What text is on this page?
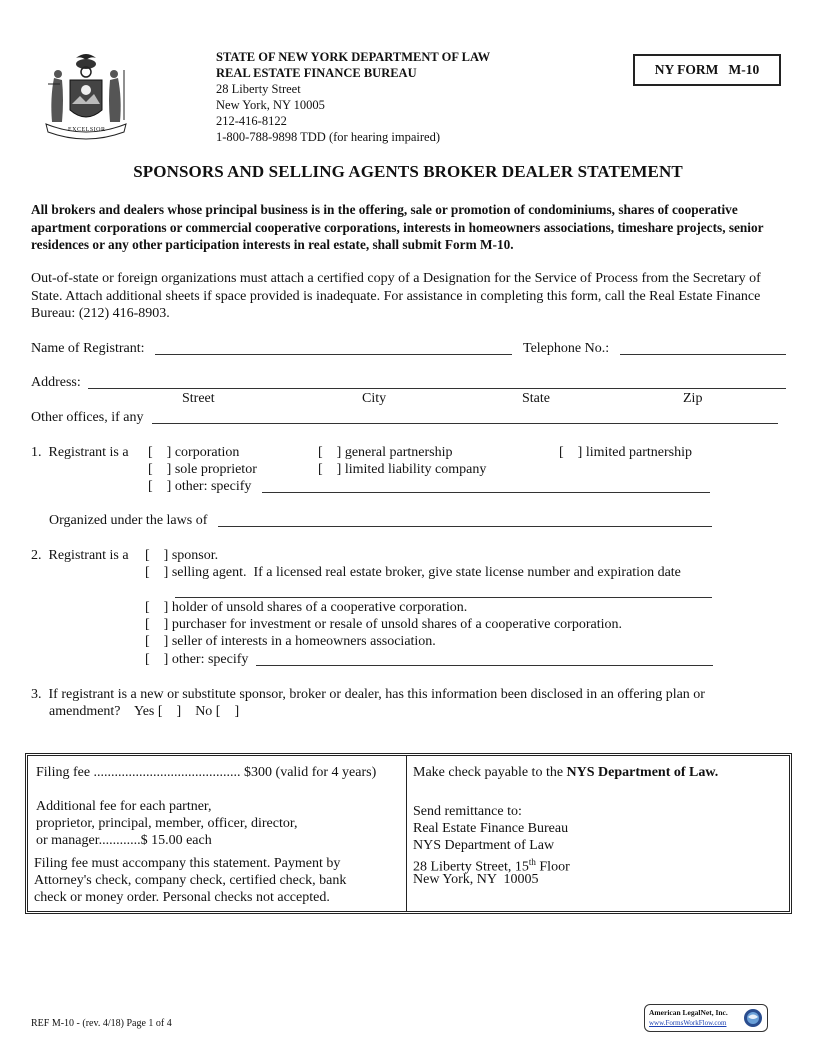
EXCELSIOR
STATE OF NEW YORK DEPARTMENT OF LAW
REAL ESTATE FINANCE BUREAU
28 Liberty Street
New York, NY 10005
212-416-8122
1-800-788-9898 TDD (for hearing impaired)
NY FORM   M-10
SPONSORS AND SELLING AGENTS BROKER DEALER STATEMENT
All brokers and dealers whose principal business is in the offering, sale or promotion of condominiums, shares of cooperative apartment corporations or commercial cooperative corporations, interests in homeowners associations, timeshare projects, senior residences or any other participation interests in real estate, shall submit Form M-10.
Out-of-state or foreign organizations must attach a certified copy of a Designation for the Service of Process from the Secretary of State. Attach additional sheets if space provided is inadequate. For assistance in completing this form, call the Real Estate Finance Bureau: (212) 416-8903.
Name of Registrant:	Telephone No.:
Address:
Street	City	State	Zip
Other offices, if any
1.  Registrant is a [    ] corporation	[    ] general partnership	[    ] limited partnership
[    ] sole proprietor	[    ] limited liability company
[    ] other: specify
Organized under the laws of
2.  Registrant is a [    ] sponsor.
[    ] selling agent.  If a licensed real estate broker, give state license number and expiration date
[    ] holder of unsold shares of a cooperative corporation.
[    ] purchaser for investment or resale of unsold shares of a cooperative corporation.
[    ] seller of interests in a homeowners association.
[    ] other: specify
3.  If registrant is a new or substitute sponsor, broker or dealer, has this information been disclosed in an offering plan or
amendment?    Yes [    ]    No [    ]
Filing fee .......................................... $300 (valid for 4 years)
Additional fee for each partner,
proprietor, principal, member, officer, director,
or manager............$ 15.00 each
Filing fee must accompany this statement. Payment by
Attorney's check, company check, certified check, bank
check or money order. Personal checks not accepted.
Make check payable to the NYS Department of Law.
Send remittance to:
Real Estate Finance Bureau
NYS Department of Law
28 Liberty Street, 15th Floor
New York, NY  10005
REF M-10 - (rev. 4/18) Page 1 of 4
American LegalNet, Inc.
www.FormsWorkFlow.com
